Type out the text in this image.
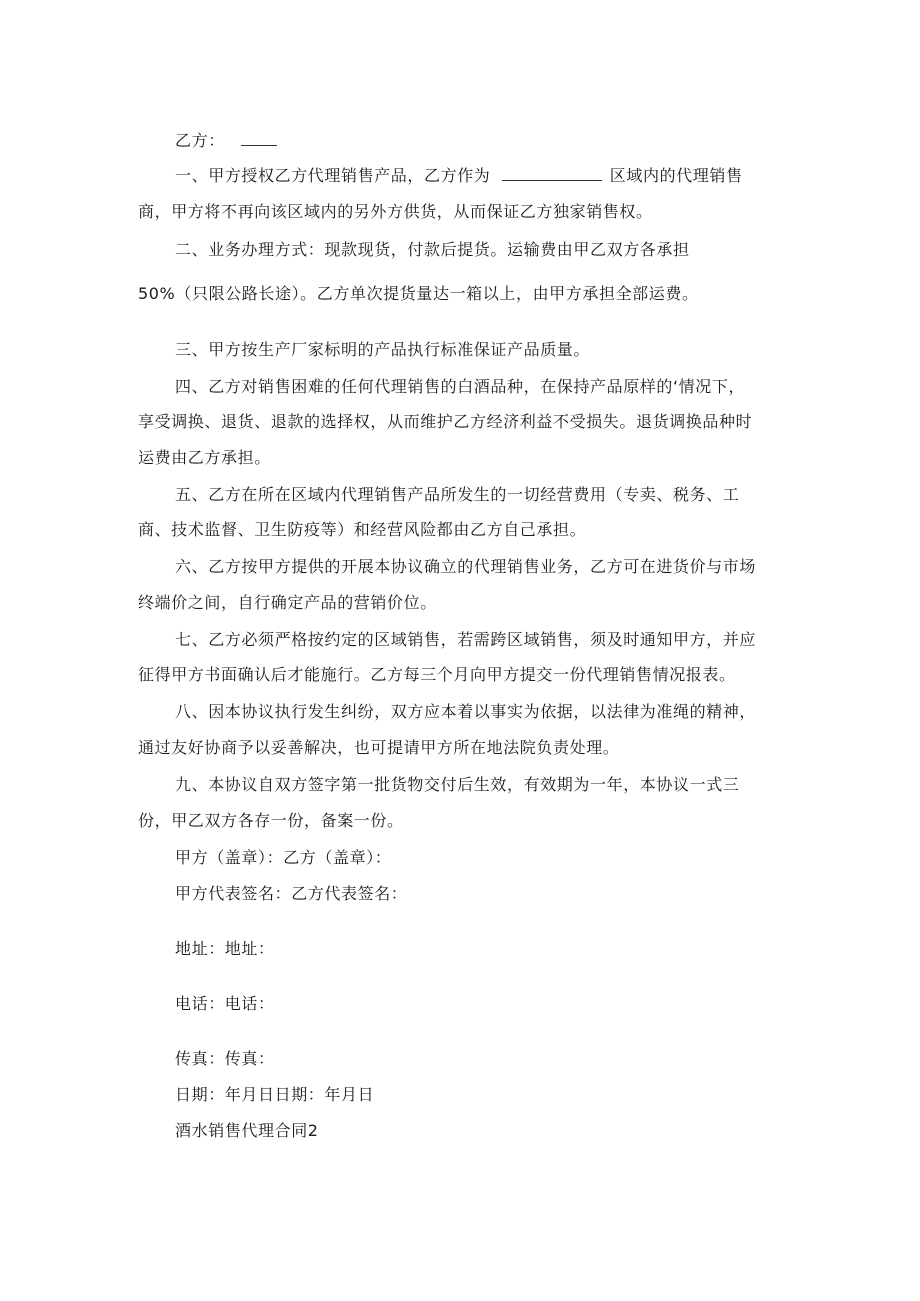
乙方：

一、甲方授权乙方代理销售产品，乙方作为	区域内的代理销售

商，甲方将不再向该区域内的另外方供货，从而保证乙方独家销售权。

二、业务办理方式：现款现货，付款后提货。运输费由甲乙双方各承担

50%（只限公路长途）。乙方单次提货量达一箱以上，由甲方承担全部运费。

三、甲方按生产厂家标明的产品执行标准保证产品质量。

四、乙方对销售困难的任何代理销售的白酒品种，在保持产品原样的‘情况下，

享受调换、退货、退款的选择权，从而维护乙方经济利益不受损失。退货调换品种时

运费由乙方承担。

五、乙方在所在区域内代理销售产品所发生的一切经营费用（专卖、税务、工

商、技术监督、卫生防疫等）和经营风险都由乙方自己承担。

六、乙方按甲方提供的开展本协议确立的代理销售业务，乙方可在进货价与市场

终端价之间，自行确定产品的营销价位。

七、乙方必须严格按约定的区域销售，若需跨区域销售，须及时通知甲方，并应

征得甲方书面确认后才能施行。乙方每三个月向甲方提交一份代理销售情况报表。

八、因本协议执行发生纠纷，双方应本着以事实为依据，以法律为准绳的精神，

通过友好协商予以妥善解决，也可提请甲方所在地法院负责处理。

九、本协议自双方签字第一批货物交付后生效，有效期为一年，本协议一式三

份，甲乙双方各存一份，备案一份。

甲方（盖章）：乙方（盖章）：

甲方代表签名：乙方代表签名：

地址：地址：

电话：电话：

传真：传真：

日期：年月日日期：年月日

酒水销售代理合同2
